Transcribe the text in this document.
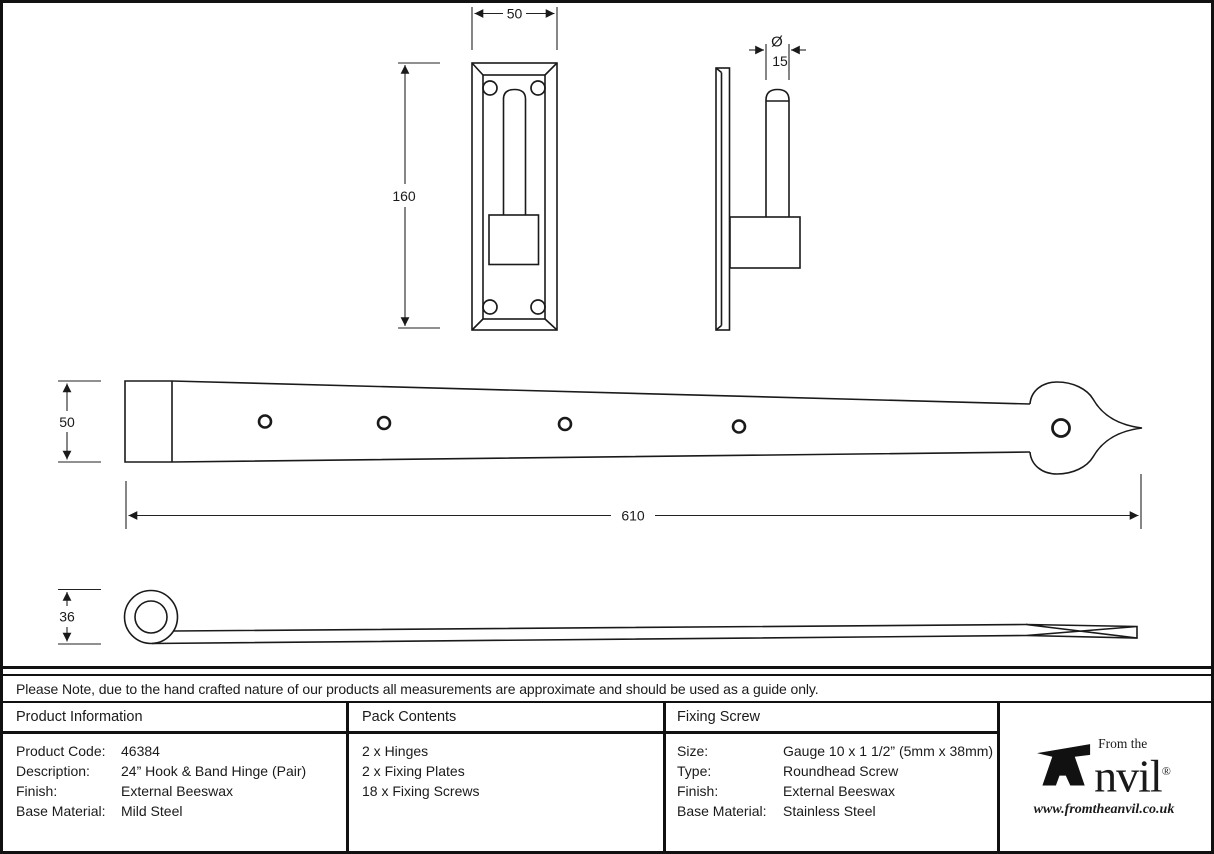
50
160
Ø
15
50
610
36
Please Note, due to the hand crafted nature of our products all measurements are approximate and should be used as a guide only.
Product Information
Product Code: 46384
Description: 24” Hook & Band Hinge (Pair)
Finish:	External Beeswax
Base Material: Mild Steel
Pack Contents
2 x Hinges
2 x Fixing Plates
18 x Fixing Screws
Fixing Screw
Size:	Gauge 10 x 1 1/2” (5mm x 38mm)
Type:	Roundhead Screw
Finish:	External Beeswax
Base Material: Stainless Steel
From the
nvil®
www.fromtheanvil.co.uk
